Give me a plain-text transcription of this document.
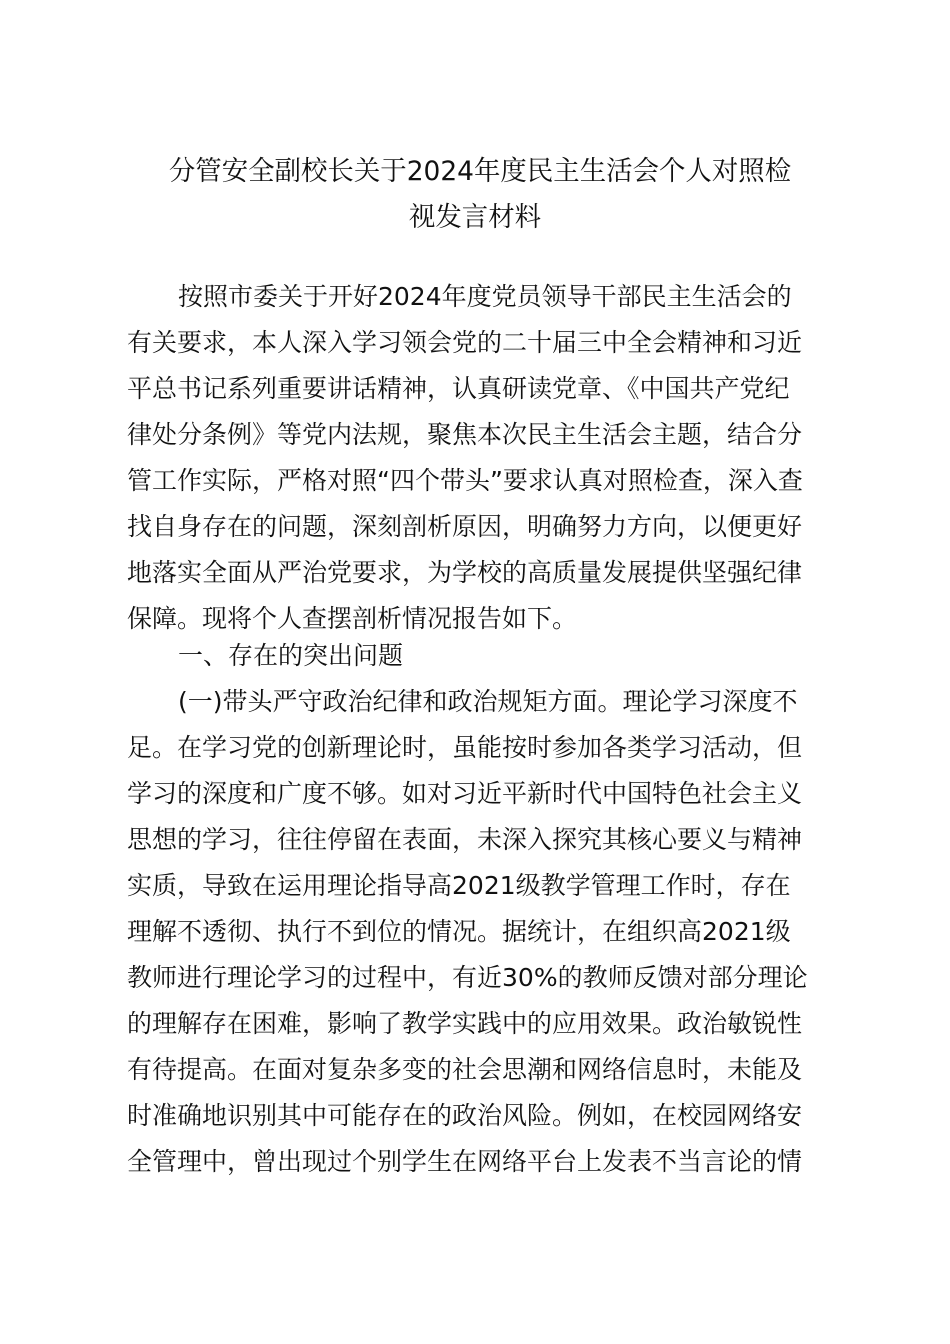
分管安全副校长关于2024年度民主生活会个人对照检
视发言材料
按照市委关于开好2024年度党员领导干部民主生活会的
有关要求，本人深入学习领会党的二十届三中全会精神和习近
平总书记系列重要讲话精神，认真研读党章、《中国共产党纪
律处分条例》等党内法规，聚焦本次民主生活会主题，结合分
管工作实际，严格对照“四个带头”要求认真对照检查，深入查
找自身存在的问题，深刻剖析原因，明确努力方向，以便更好
地落实全面从严治党要求，为学校的高质量发展提供坚强纪律
保障。现将个人查摆剖析情况报告如下。
一、存在的突出问题
(一)带头严守政治纪律和政治规矩方面。理论学习深度不
足。在学习党的创新理论时，虽能按时参加各类学习活动，但
学习的深度和广度不够。如对习近平新时代中国特色社会主义
思想的学习，往往停留在表面，未深入探究其核心要义与精神
实质，导致在运用理论指导高2021级教学管理工作时，存在
理解不透彻、执行不到位的情况。据统计，在组织高2021级
教师进行理论学习的过程中，有近30%的教师反馈对部分理论
的理解存在困难，影响了教学实践中的应用效果。政治敏锐性
有待提高。在面对复杂多变的社会思潮和网络信息时，未能及
时准确地识别其中可能存在的政治风险。例如，在校园网络安
全管理中，曾出现过个别学生在网络平台上发表不当言论的情
